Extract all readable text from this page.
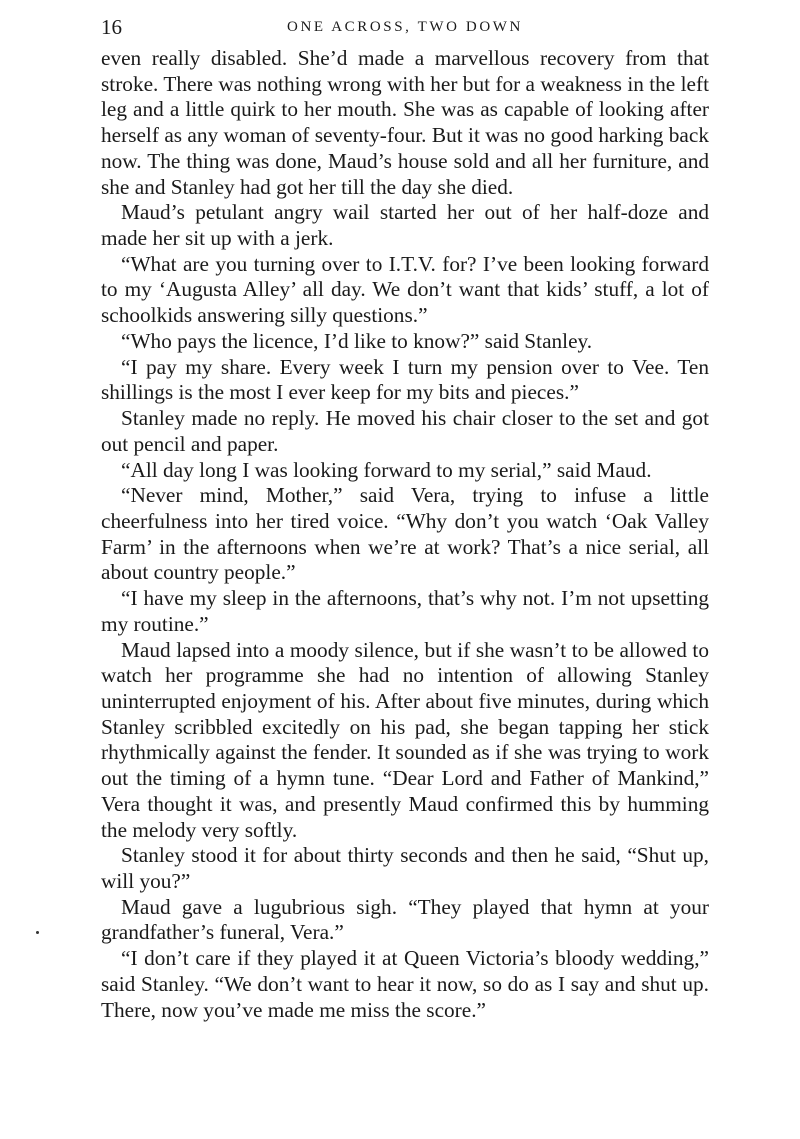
16	ONE ACROSS, TWO DOWN

even really disabled. She’d made a marvellous recovery from that stroke. There was nothing wrong with her but for a weakness in the left leg and a little quirk to her mouth. She was as capable of looking after herself as any woman of seventy-four. But it was no good harking back now. The thing was done, Maud’s house sold and all her furniture, and she and Stanley had got her till the day she died.

Maud’s petulant angry wail started her out of her half-doze and made her sit up with a jerk.

“What are you turning over to I.T.V. for? I’ve been looking forward to my ‘Augusta Alley’ all day. We don’t want that kids’ stuff, a lot of schoolkids answering silly questions.”

“Who pays the licence, I’d like to know?” said Stanley.

“I pay my share. Every week I turn my pension over to Vee. Ten shillings is the most I ever keep for my bits and pieces.”

Stanley made no reply. He moved his chair closer to the set and got out pencil and paper.

“All day long I was looking forward to my serial,” said Maud.

“Never mind, Mother,” said Vera, trying to infuse a little cheerfulness into her tired voice. “Why don’t you watch ‘Oak Valley Farm’ in the afternoons when we’re at work? That’s a nice serial, all about country people.”

“I have my sleep in the afternoons, that’s why not. I’m not upsetting my routine.”

Maud lapsed into a moody silence, but if she wasn’t to be allowed to watch her programme she had no intention of allowing Stanley uninterrupted enjoyment of his. After about five minutes, during which Stanley scribbled excitedly on his pad, she began tapping her stick rhythmically against the fender. It sounded as if she was trying to work out the timing of a hymn tune. “Dear Lord and Father of Mankind,” Vera thought it was, and presently Maud confirmed this by humming the melody very softly.

Stanley stood it for about thirty seconds and then he said, “Shut up, will you?”

Maud gave a lugubrious sigh. “They played that hymn at your grandfather’s funeral, Vera.”

“I don’t care if they played it at Queen Victoria’s bloody wedding,” said Stanley. “We don’t want to hear it now, so do as I say and shut up. There, now you’ve made me miss the score.”
